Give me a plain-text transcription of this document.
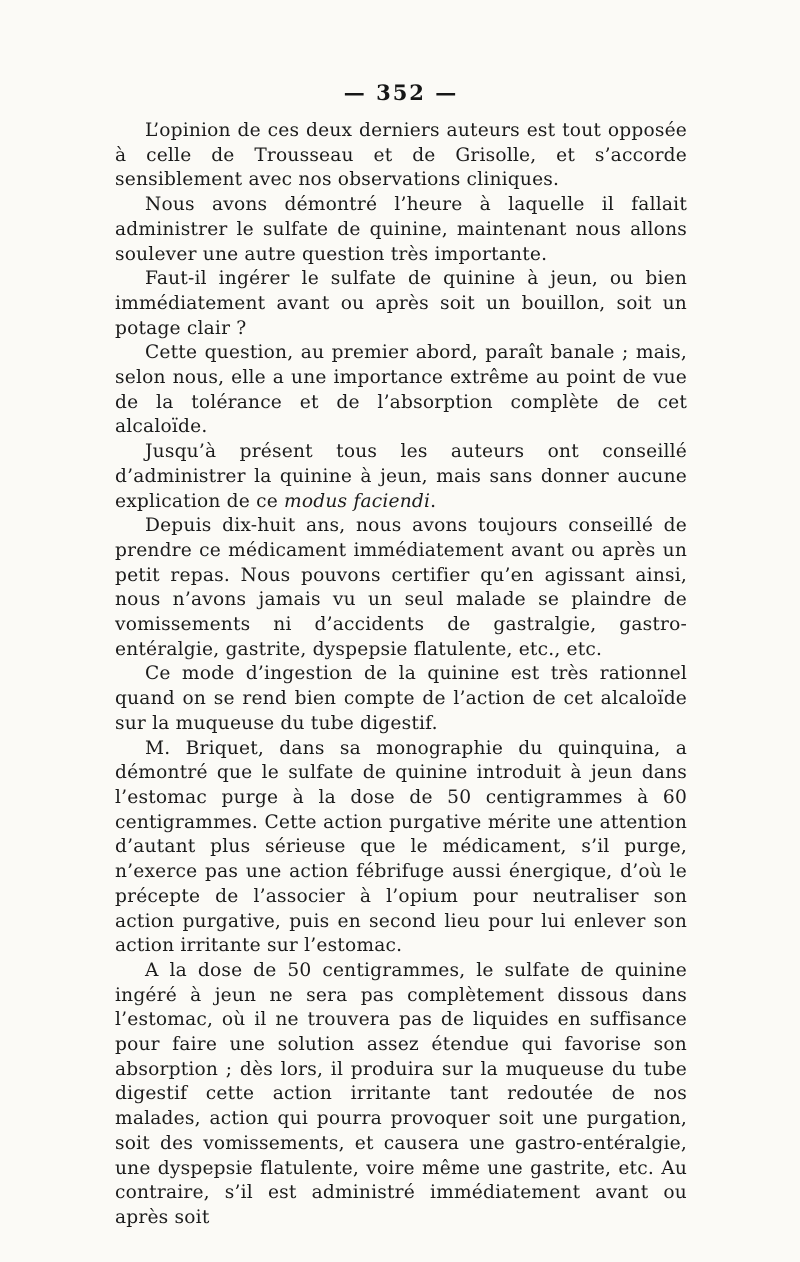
— 352 —

L’opinion de ces deux derniers auteurs est tout opposée à celle de Trousseau et de Grisolle, et s’accorde sensiblement avec nos observations cliniques.

Nous avons démontré l’heure à laquelle il fallait administrer le sulfate de quinine, maintenant nous allons soulever une autre question très importante.

Faut-il ingérer le sulfate de quinine à jeun, ou bien immédiatement avant ou après soit un bouillon, soit un potage clair ?

Cette question, au premier abord, paraît banale ; mais, selon nous, elle a une importance extrême au point de vue de la tolérance et de l’absorption complète de cet alcaloïde.

Jusqu’à présent tous les auteurs ont conseillé d’administrer la quinine à jeun, mais sans donner aucune explication de ce modus faciendi.

Depuis dix-huit ans, nous avons toujours conseillé de prendre ce médicament immédiatement avant ou après un petit repas. Nous pouvons certifier qu’en agissant ainsi, nous n’avons jamais vu un seul malade se plaindre de vomissements ni d’accidents de gastralgie, gastro-entéralgie, gastrite, dyspepsie flatulente, etc., etc.

Ce mode d’ingestion de la quinine est très rationnel quand on se rend bien compte de l’action de cet alcaloïde sur la muqueuse du tube digestif.

M. Briquet, dans sa monographie du quinquina, a démontré que le sulfate de quinine introduit à jeun dans l’estomac purge à la dose de 50 centigrammes à 60 centigrammes. Cette action purgative mérite une attention d’autant plus sérieuse que le médicament, s’il purge, n’exerce pas une action fébrifuge aussi énergique, d’où le précepte de l’associer à l’opium pour neutraliser son action purgative, puis en second lieu pour lui enlever son action irritante sur l’estomac.

A la dose de 50 centigrammes, le sulfate de quinine ingéré à jeun ne sera pas complètement dissous dans l’estomac, où il ne trouvera pas de liquides en suffisance pour faire une solution assez étendue qui favorise son absorption ; dès lors, il produira sur la muqueuse du tube digestif cette action irritante tant redoutée de nos malades, action qui pourra provoquer soit une purgation, soit des vomissements, et causera une gastro-entéralgie, une dyspepsie flatulente, voire même une gastrite, etc. Au contraire, s’il est administré immédiatement avant ou après soit
